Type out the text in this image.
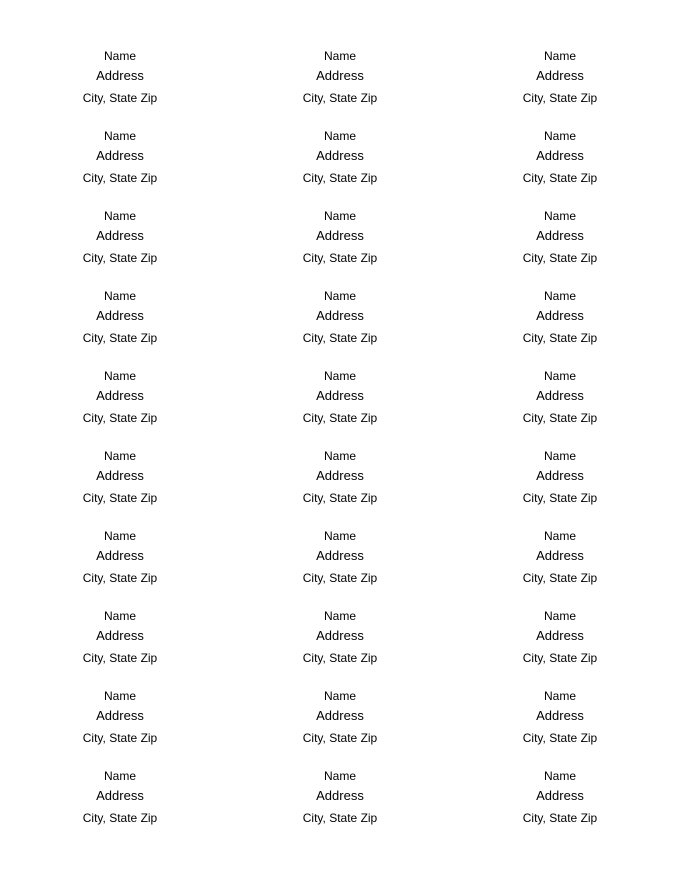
Name
Address
City, State Zip
Name
Address
City, State Zip
Name
Address
City, State Zip
Name
Address
City, State Zip
Name
Address
City, State Zip
Name
Address
City, State Zip
Name
Address
City, State Zip
Name
Address
City, State Zip
Name
Address
City, State Zip
Name
Address
City, State Zip
Name
Address
City, State Zip
Name
Address
City, State Zip
Name
Address
City, State Zip
Name
Address
City, State Zip
Name
Address
City, State Zip
Name
Address
City, State Zip
Name
Address
City, State Zip
Name
Address
City, State Zip
Name
Address
City, State Zip
Name
Address
City, State Zip
Name
Address
City, State Zip
Name
Address
City, State Zip
Name
Address
City, State Zip
Name
Address
City, State Zip
Name
Address
City, State Zip
Name
Address
City, State Zip
Name
Address
City, State Zip
Name
Address
City, State Zip
Name
Address
City, State Zip
Name
Address
City, State Zip
